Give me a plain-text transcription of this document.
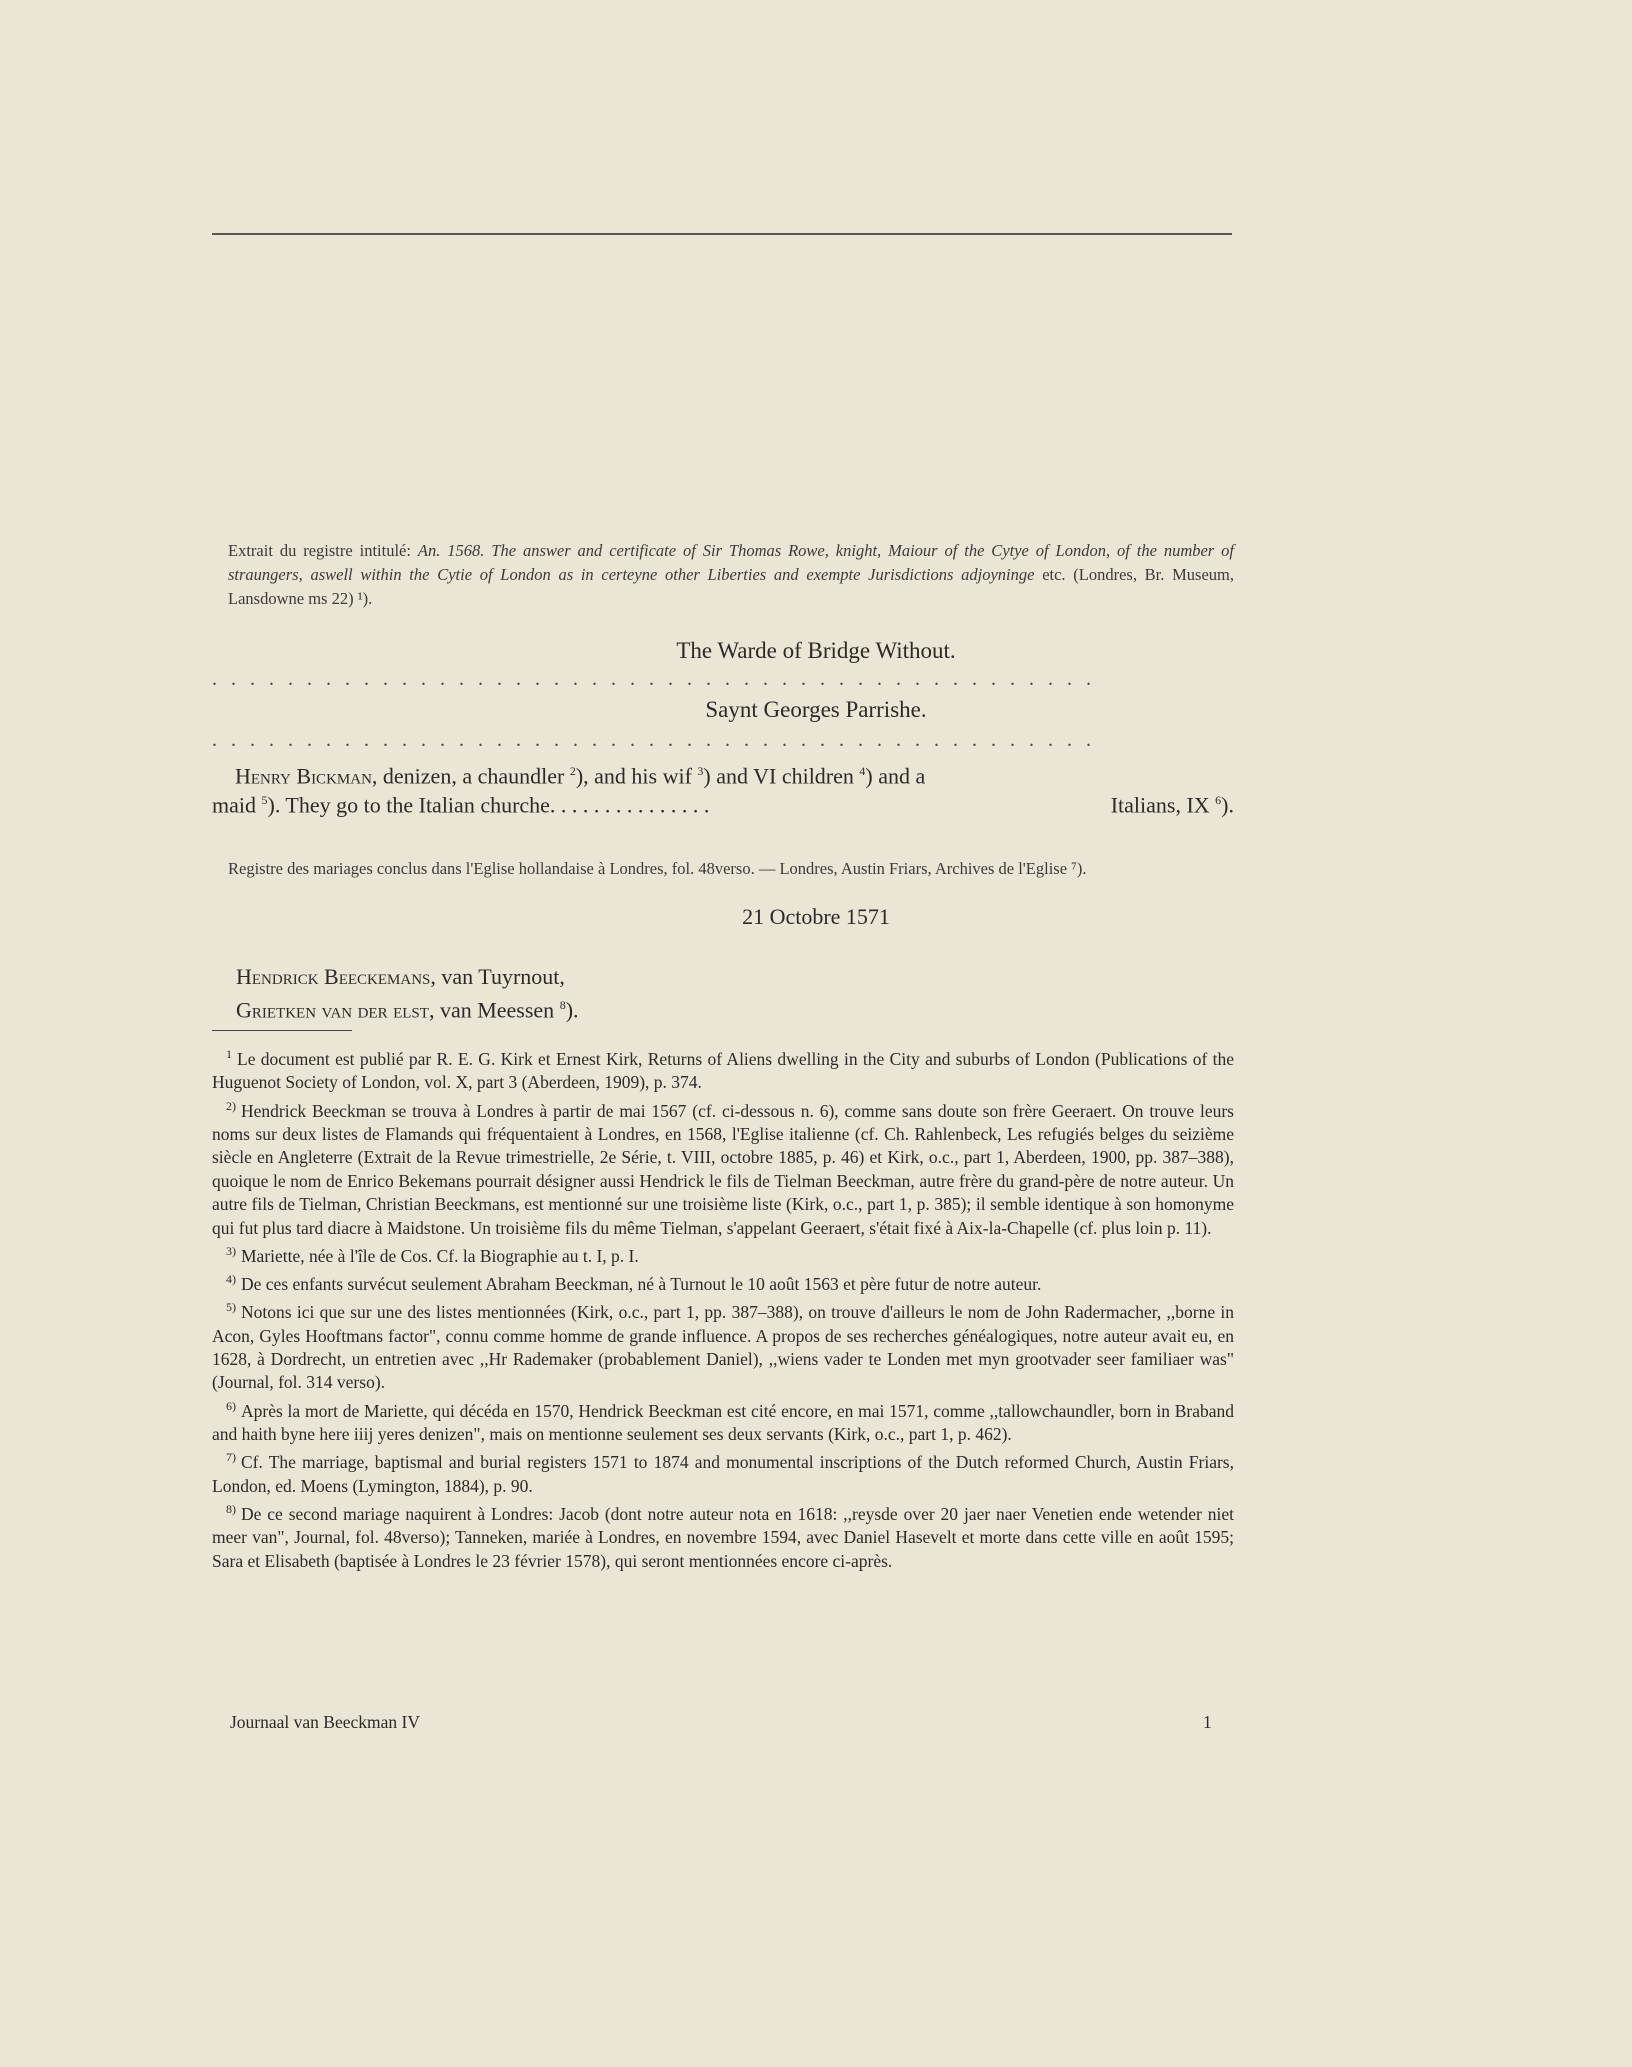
Extrait du registre intitulé: An. 1568. The answer and certificate of Sir Thomas Rowe, knight, Maiour of the Cytye of London, of the number of straungers, aswell within the Cytie of London as in certeyne other Liberties and exempte Jurisdictions adjoyninge etc. (Londres, Br. Museum, Lansdowne ms 22) ¹).
The Warde of Bridge Without.
...............................................
Saynt Georges Parrishe.
...............................................
Henry Bickman, denizen, a chaundler $^2$), and his wif $^3$) and VI children $^4$) and a
maid $^5$). They go to the Italian churche. . . . . . . . . . . . . . .	Italians, IX $^6$).
Registre des mariages conclus dans l'Eglise hollandaise à Londres, fol. 48verso. — Londres, Austin Friars, Archives de l'Eglise ⁷).
21 Octobre 1571
Hendrick Beeckemans, van Tuyrnout,
Grietken van der elst, van Meessen $^8$).

$^1$ Le document est publié par R. E. G. Kirk et Ernest Kirk, Returns of Aliens dwelling in the City and suburbs of London (Publications of the Huguenot Society of London, vol. X, part 3 (Aberdeen, 1909), p. 374.

$^{2)}$ Hendrick Beeckman se trouva à Londres à partir de mai 1567 (cf. ci-dessous n. 6), comme sans doute son frère Geeraert. On trouve leurs noms sur deux listes de Flamands qui fréquentaient à Londres, en 1568, l'Eglise italienne (cf. Ch. Rahlenbeck, Les refugiés belges du seizième siècle en Angleterre (Extrait de la Revue trimestrielle, 2e Série, t. VIII, octobre 1885, p. 46) et Kirk, o.c., part 1, Aberdeen, 1900, pp. 387–388), quoique le nom de Enrico Bekemans pourrait désigner aussi Hendrick le fils de Tielman Beeckman, autre frère du grand-père de notre auteur. Un autre fils de Tielman, Christian Beeckmans, est mentionné sur une troisième liste (Kirk, o.c., part 1, p. 385); il semble identique à son homonyme qui fut plus tard diacre à Maidstone. Un troisième fils du même Tielman, s'appelant Geeraert, s'était fixé à Aix-la-Chapelle (cf. plus loin p. 11).

$^{3)}$ Mariette, née à l'île de Cos. Cf. la Biographie au t. I, p. I.

$^{4)}$ De ces enfants survécut seulement Abraham Beeckman, né à Turnout le 10 août 1563 et père futur de notre auteur.

$^{5)}$ Notons ici que sur une des listes mentionnées (Kirk, o.c., part 1, pp. 387–388), on trouve d'ailleurs le nom de John Radermacher, ,,borne in Acon, Gyles Hooftmans factor", connu comme homme de grande influence. A propos de ses recherches généalogiques, notre auteur avait eu, en 1628, à Dordrecht, un entretien avec ,,Hr Rademaker (probablement Daniel), ,,wiens vader te Londen met myn grootvader seer familiaer was" (Journal, fol. 314 verso).

$^{6)}$ Après la mort de Mariette, qui décéda en 1570, Hendrick Beeckman est cité encore, en mai 1571, comme ,,tallowchaundler, born in Braband and haith byne here iiij yeres denizen", mais on mentionne seulement ses deux servants (Kirk, o.c., part 1, p. 462).

$^{7)}$ Cf. The marriage, baptismal and burial registers 1571 to 1874 and monumental inscriptions of the Dutch reformed Church, Austin Friars, London, ed. Moens (Lymington, 1884), p. 90.

$^{8)}$ De ce second mariage naquirent à Londres: Jacob (dont notre auteur nota en 1618: ,,reysde over 20 jaer naer Venetien ende wetender niet meer van", Journal, fol. 48verso); Tanneken, mariée à Londres, en novembre 1594, avec Daniel Hasevelt et morte dans cette ville en août 1595; Sara et Elisabeth (baptisée à Londres le 23 février 1578), qui seront mentionnées encore ci-après.

Journaal van Beeckman IV	1
